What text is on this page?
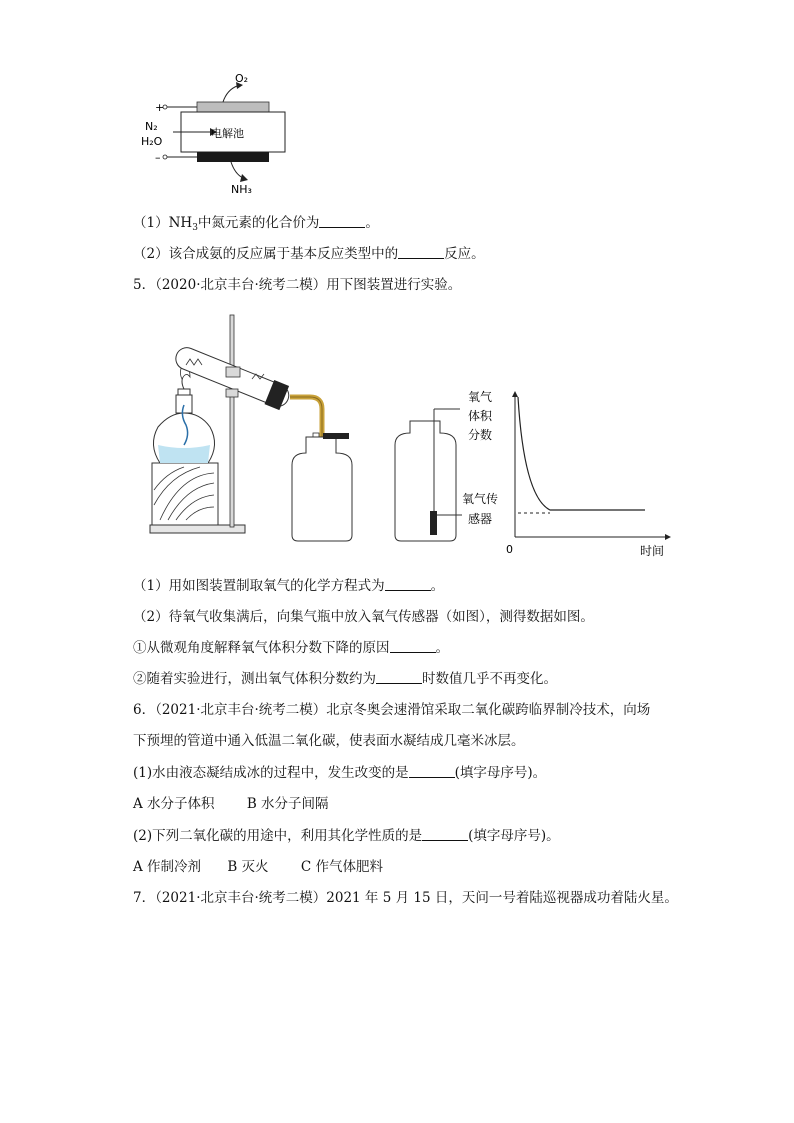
O₂
+
–
N₂
H₂O
电解池
NH₃
$(1)NH_3$中氮元素的化合价为	。
（2）该合成氨的反应属于基本反应类型中的	反应。
5．（2020·北京丰台·统考二模）用下图装置进行实验。
氧气
体积
分数
氧气传
感器
0	时间
（1）用如图装置制取氧气的化学方程式为	。
（2）待氧气收集满后，向集气瓶中放入氧气传感器（如图），测得数据如图。
①从微观角度解释氧气体积分数下降的原因	。
②随着实验进行，测出氧气体积分数约为	时数值几乎不再变化。
6．（2021·北京丰台·统考二模）北京冬奥会速滑馆采取二氧化碳跨临界制冷技术，向场
下预埋的管道中通入低温二氧化碳，使表面水凝结成几毫米冰层。
(1)水由液态凝结成冰的过程中，发生改变的是	(填字母序号)。
A 水分子体积 B 水分子间隔
(2)下列二氧化碳的用途中，利用其化学性质的是	(填字母序号)。
A 作制冷剂 B 灭火 C 作气体肥料
7．（2021·北京丰台·统考二模）2021 年 5 月 15 日，天问一号着陆巡视器成功着陆火星。
